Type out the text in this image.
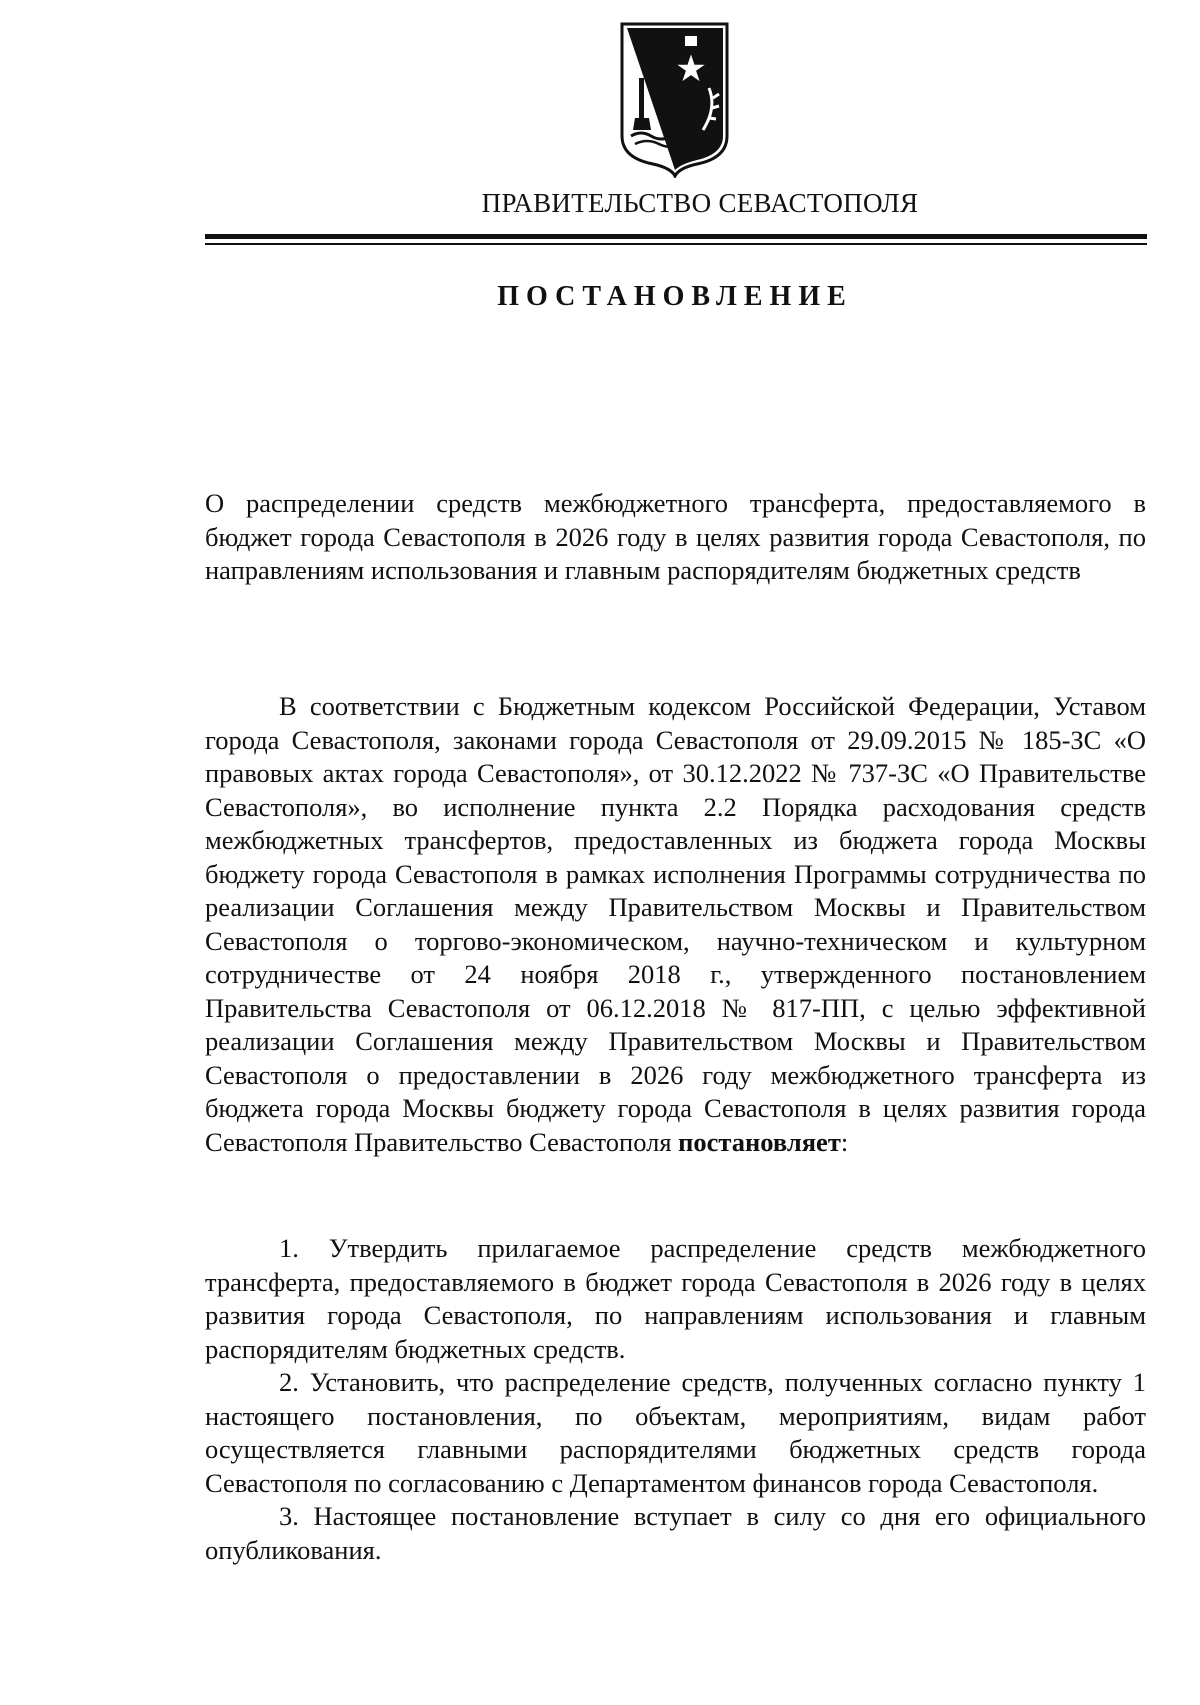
ПРАВИТЕЛЬСТВО СЕВАСТОПОЛЯ
ПОСТАНОВЛЕНИЕ

О распределении средств межбюджетного трансферта, предоставляемого в бюджет города Севастополя в 2026 году в целях развития города Севастополя, по направлениям использования и главным распорядителям бюджетных средств

В соответствии с Бюджетным кодексом Российской Федерации, Уставом города Севастополя, законами города Севастополя от 29.09.2015 № 185-ЗС «О правовых актах города Севастополя», от 30.12.2022 № 737-ЗС «О Правительстве Севастополя», во исполнение пункта 2.2 Порядка расходования средств межбюджетных трансфертов, предоставленных из бюджета города Москвы бюджету города Севастополя в рамках исполнения Программы сотрудничества по реализации Соглашения между Правительством Москвы и Правительством Севастополя о торгово-экономическом, научно-техническом и культурном сотрудничестве от 24 ноября 2018 г., утвержденного постановлением Правительства Севастополя от 06.12.2018 № 817-ПП, с целью эффективной реализации Соглашения между Правительством Москвы и Правительством Севастополя о предоставлении в 2026 году межбюджетного трансферта из бюджета города Москвы бюджету города Севастополя в целях развития города Севастополя Правительство Севастополя постановляет:

1. Утвердить прилагаемое распределение средств межбюджетного трансферта, предоставляемого в бюджет города Севастополя в 2026 году в целях развития города Севастополя, по направлениям использования и главным распорядителям бюджетных средств.

2. Установить, что распределение средств, полученных согласно пункту 1 настоящего постановления, по объектам, мероприятиям, видам работ осуществляется главными распорядителями бюджетных средств города Севастополя по согласованию с Департаментом финансов города Севастополя.

3. Настоящее постановление вступает в силу со дня его официального опубликования.
